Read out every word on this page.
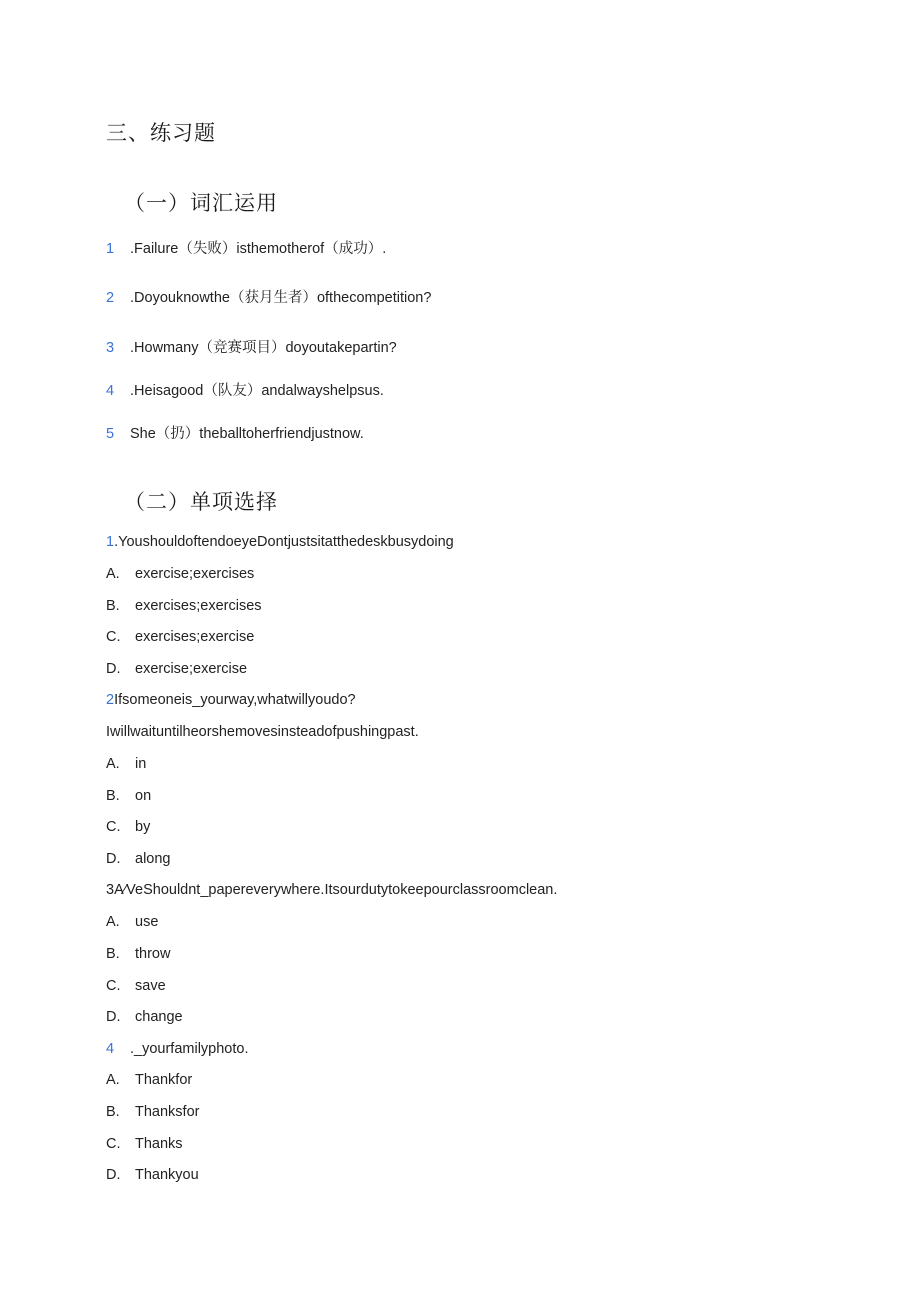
三、练习题
（一）词汇运用
1 .Failure（失败）isthemotherof（成功）.
2 .Doyouknowthe（获月生者）ofthecompetition?
3 .Howmany（竞赛项目）doyoutakepartin?
4 .Heisagood（队友）andalwayshelpsus.
5 She（扔）theballtoherfriendjustnow.
（二）单项选择
1.YoushouldoftendoeyeDontjustsitatthedeskbusydoing
A. exercise;exercises
B. exercises;exercises
C. exercises;exercise
D. exercise;exercise
2Ifsomeoneis_yourway,whatwillyoudo?
Iwillwaituntilheorshemovesinsteadofpushingpast.
A. in
B. on
C. by
D. along
3A⁄VeShouldnt_papereverywhere.Itsourdutytokeepourclassroomclean.
A. use
B. throw
C. save
D. change
4 ._yourfamilyphoto.
A. Thankfor
B. Thanksfor
C. Thanks
D. Thankyou
